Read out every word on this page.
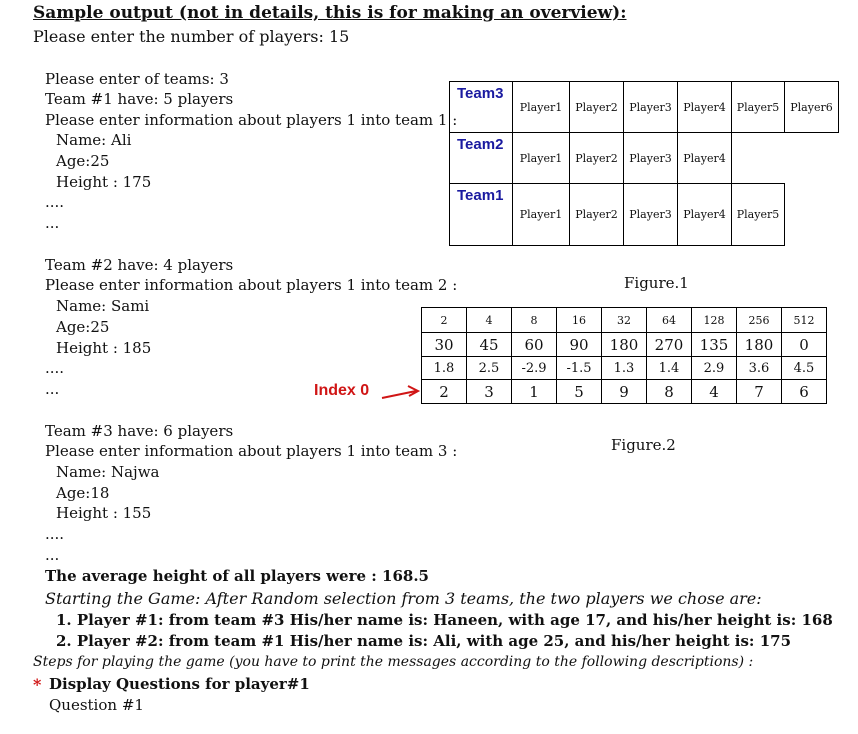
Sample output (not in details, this is for making an overview):
Please enter the number of players: 15
Please enter of teams: 3
Team #1 have: 5 players
Please enter information about players 1 into team 1 :
Name: Ali
Age:25
Height : 175
....
...
Team #2 have: 4 players
Please enter information about players 1 into team 2 :
Name: Sami
Age:25
Height : 185
....
...
Team #3 have: 6 players
Please enter information about players 1 into team 3 :
Name: Najwa
Age:18
Height : 155
....
...
Team3
Player1	Player2	Player3	Player4	Player5	Player6
Team2
Player1	Player2	Player3	Player4
Team1
Player1	Player2	Player3	Player4	Player5
Figure.1
2	4	8	16	32	64	128	256	512
30	45	60	90	180	270	135	180	0
1.8	2.5	-2.9	-1.5	1.3	1.4	2.9	3.6	4.5
2	3	1	5	9	8	4	7	6
Index 0
Figure.2
The average height of all players were : 168.5
Starting the Game: After Random selection from 3 teams, the two players we chose are:
1. Player #1: from team #3 His/her name is: Haneen, with age 17, and his/her height is: 168
2. Player #2: from team #1 His/her name is: Ali, with age 25, and his/her height is: 175
Steps for playing the game (you have to print the messages according to the following descriptions) :
* Display Questions for player#1
Question #1
